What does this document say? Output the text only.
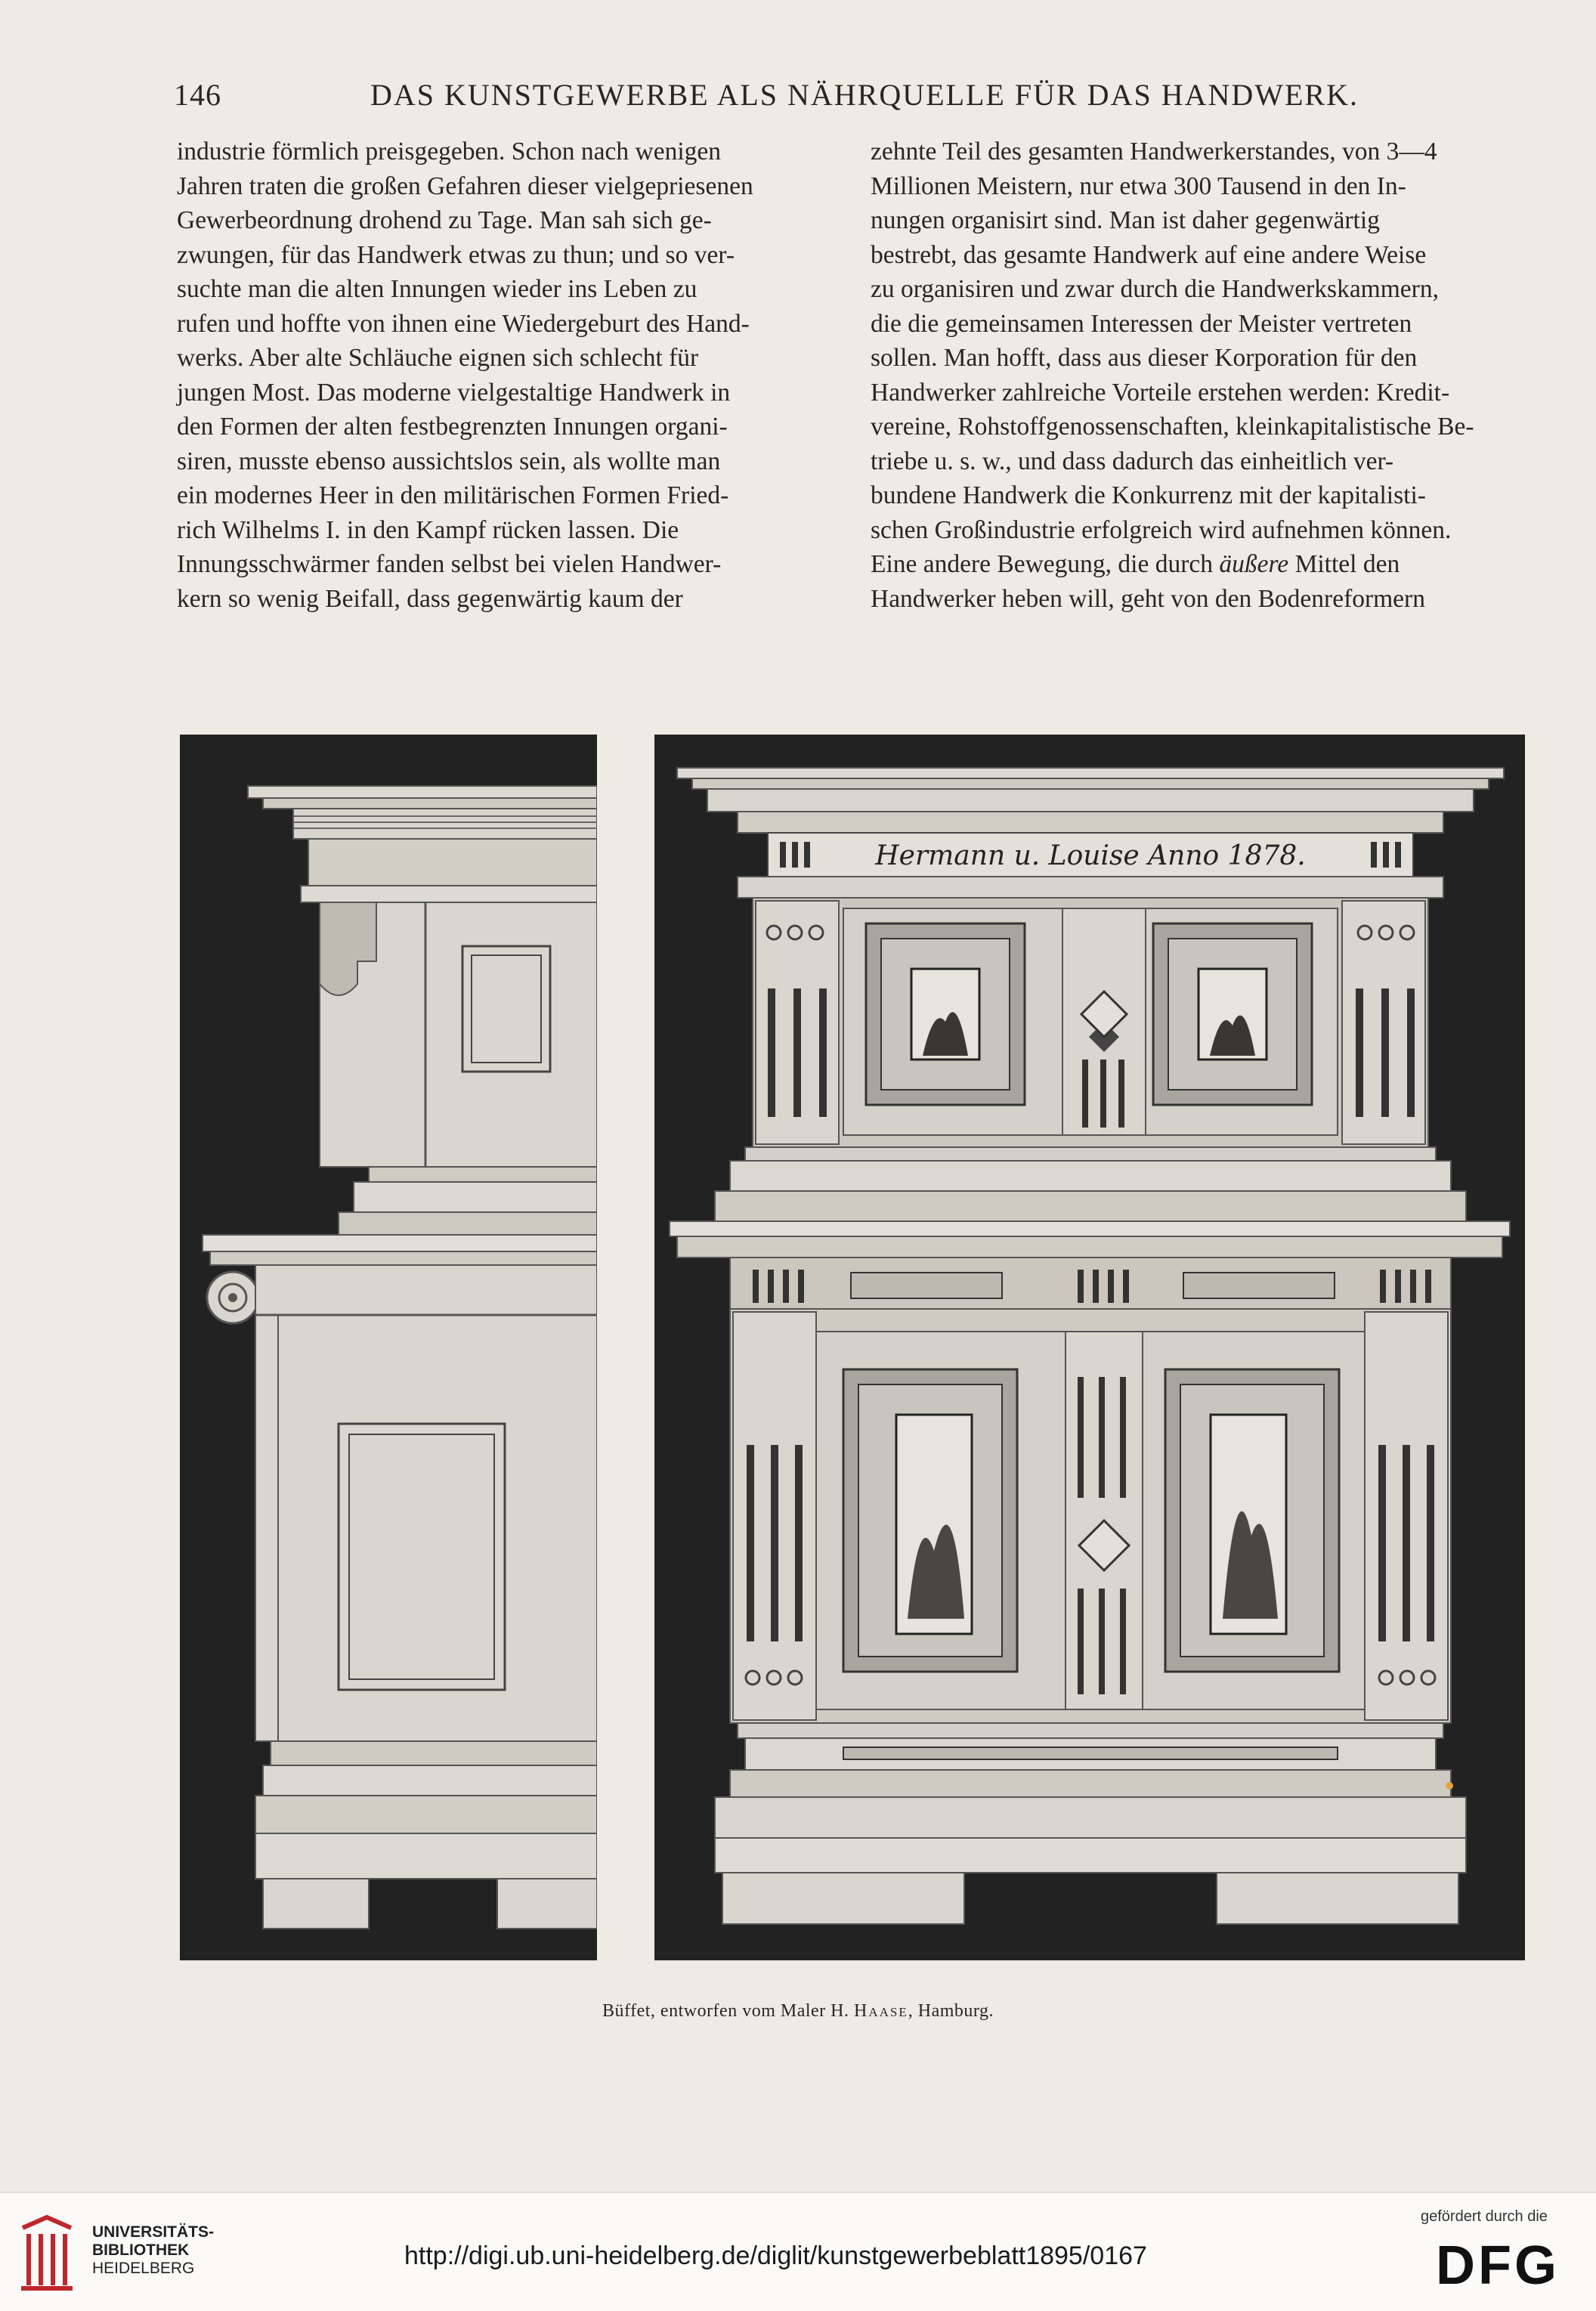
146	DAS KUNSTGEWERBE ALS NÄHRQUELLE FÜR DAS HANDWERK.

industrie förmlich preisgegeben. Schon nach wenigen

Jahren traten die großen Gefahren dieser vielgepriesenen

Gewerbeordnung drohend zu Tage. Man sah sich ge-

zwungen, für das Handwerk etwas zu thun; und so ver-

suchte man die alten Innungen wieder ins Leben zu

rufen und hoffte von ihnen eine Wiedergeburt des Hand-

werks. Aber alte Schläuche eignen sich schlecht für

jungen Most. Das moderne vielgestaltige Handwerk in

den Formen der alten festbegrenzten Innungen organi-

siren, musste ebenso aussichtslos sein, als wollte man

ein modernes Heer in den militärischen Formen Fried-

rich Wilhelms I. in den Kampf rücken lassen. Die

Innungsschwärmer fanden selbst bei vielen Handwer-

kern so wenig Beifall, dass gegenwärtig kaum der

zehnte Teil des gesamten Handwerkerstandes, von 3—4

Millionen Meistern, nur etwa 300 Tausend in den In-

nungen organisirt sind. Man ist daher gegenwärtig

bestrebt, das gesamte Handwerk auf eine andere Weise

zu organisiren und zwar durch die Handwerkskammern,

die die gemeinsamen Interessen der Meister vertreten

sollen. Man hofft, dass aus dieser Korporation für den

Handwerker zahlreiche Vorteile erstehen werden: Kredit-

vereine, Rohstoffgenossenschaften, kleinkapitalistische Be-

triebe u. s. w., und dass dadurch das einheitlich ver-

bundene Handwerk die Konkurrenz mit der kapitalisti-

schen Großindustrie erfolgreich wird aufnehmen können.

Eine andere Bewegung, die durch äußere Mittel den

Handwerker heben will, geht von den Bodenreformern

Hermann u. Louise Anno 1878.
Büffet, entworfen vom Maler H. Haase, Hamburg.
UNIVERSITÄTS-
BIBLIOTHEK
HEIDELBERG	http://digi.ub.uni-heidelberg.de/diglit/kunstgewerbeblatt1895/0167
gefördert durch die
DFG
